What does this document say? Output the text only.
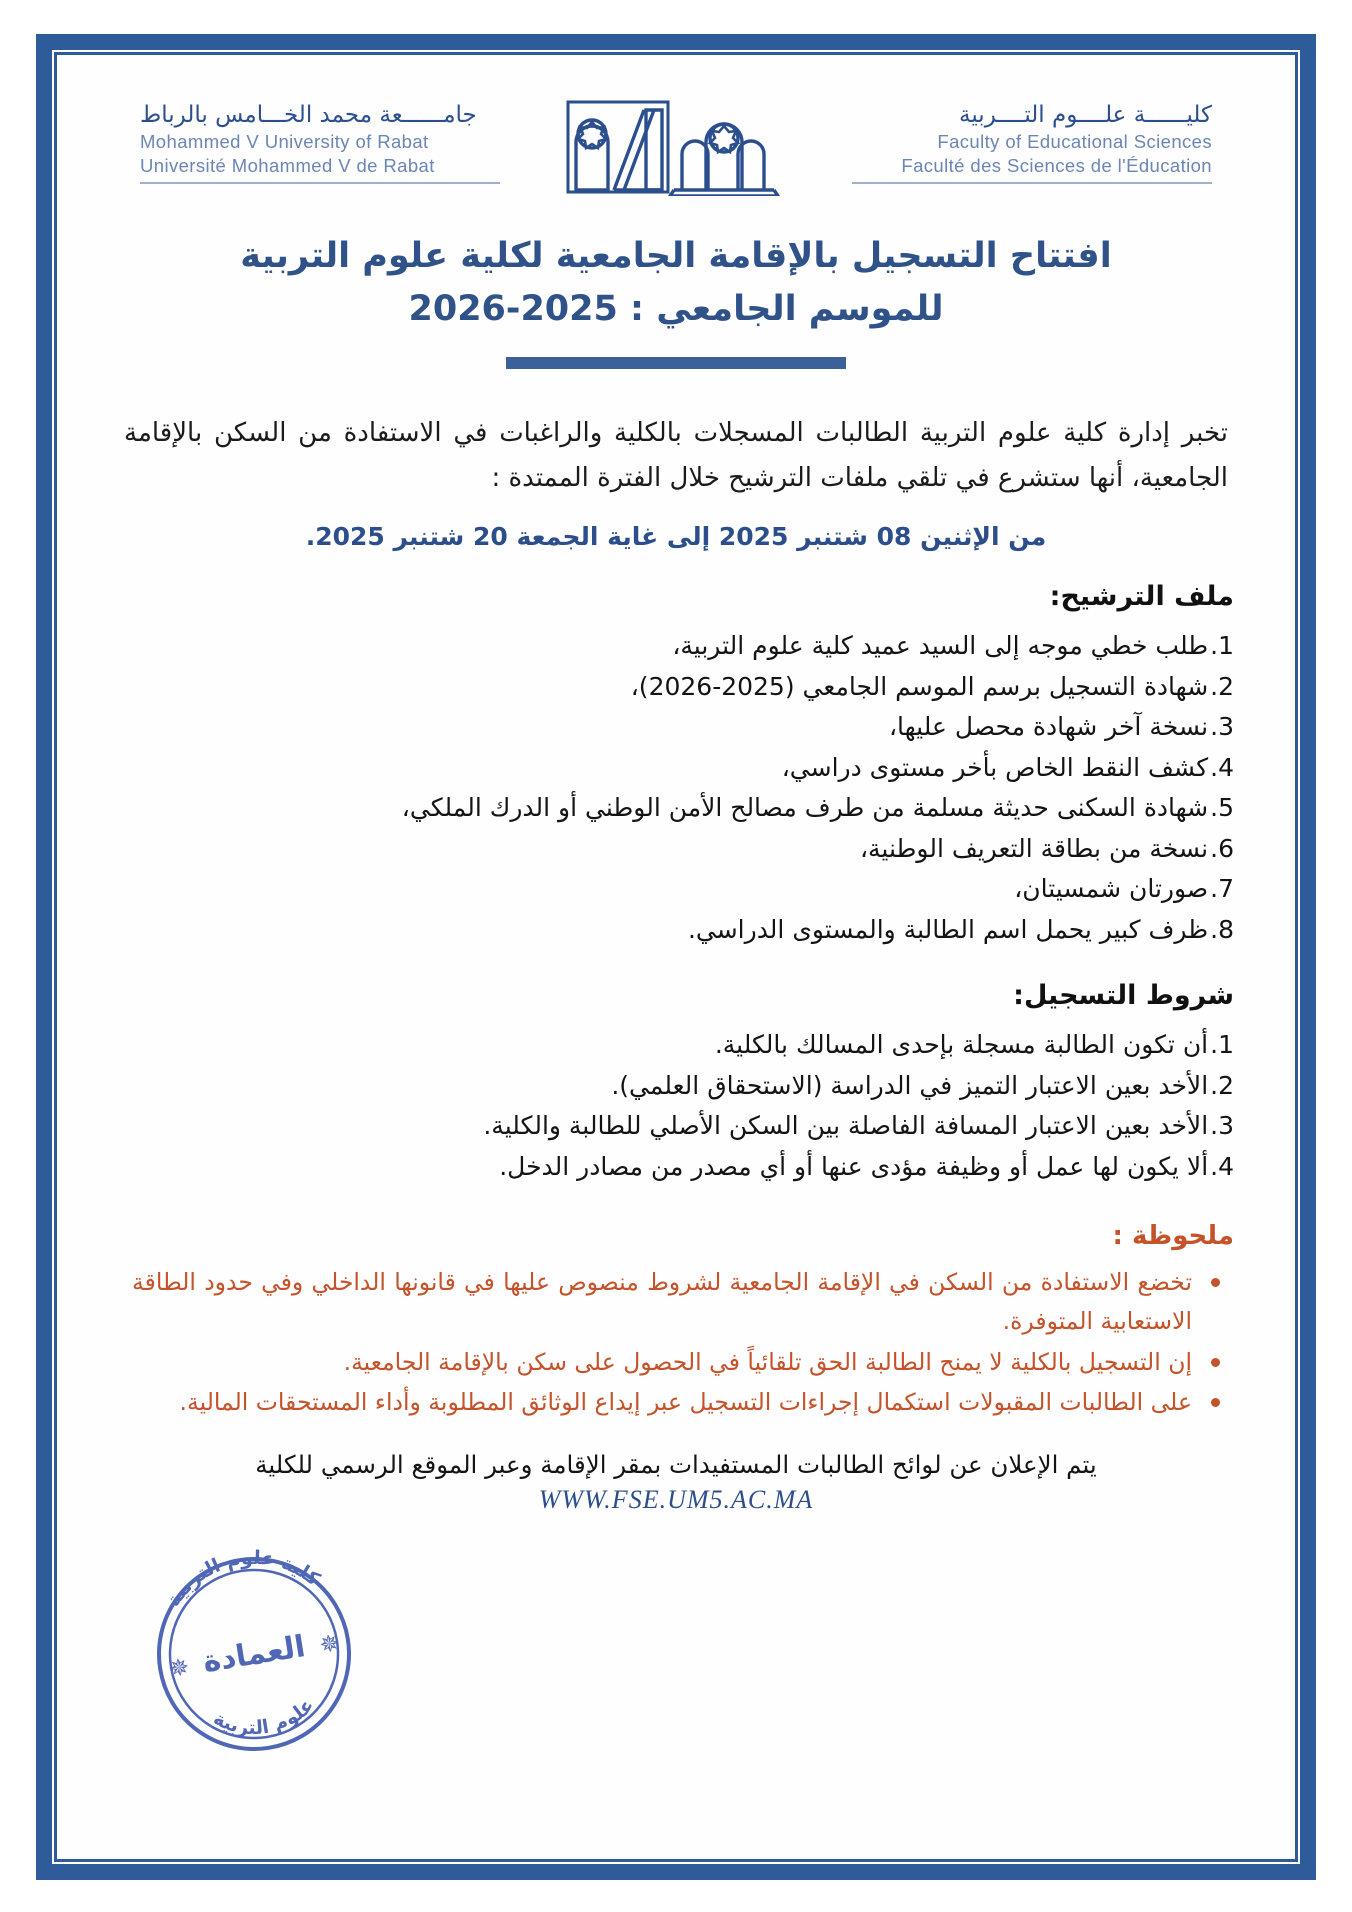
جامــــــعة محمد الخـــامس بالرباط
Mohammed V University of Rabat
Université Mohammed V de Rabat
كليــــــة علــــوم التــــربية
Faculty of Educational Sciences
Faculté des Sciences de l'Éducation
افتتاح التسجيل بالإقامة الجامعية لكلية علوم التربية
للموسم الجامعي : 2025-2026
تخبر إدارة كلية علوم التربية الطالبات المسجلات بالكلية والراغبات في الاستفادة من السكن بالإقامة الجامعية، أنها ستشرع في تلقي ملفات الترشيح خلال الفترة الممتدة :
من الإثنين 08 شتنبر 2025 إلى غاية الجمعة 20 شتنبر 2025.
ملف الترشيح:
1.طلب خطي موجه إلى السيد عميد كلية علوم التربية،
2.شهادة التسجيل برسم الموسم الجامعي (2025-2026)،
3.نسخة آخر شهادة محصل عليها،
4.كشف النقط الخاص بأخر مستوى دراسي،
5.شهادة السكنى حديثة مسلمة من طرف مصالح الأمن الوطني أو الدرك الملكي،
6.نسخة من بطاقة التعريف الوطنية،
7.صورتان شمسيتان،
8.ظرف كبير يحمل اسم الطالبة والمستوى الدراسي.
شروط التسجيل:
1.أن تكون الطالبة مسجلة بإحدى المسالك بالكلية.
2.الأخد بعين الاعتبار التميز في الدراسة (الاستحقاق العلمي).
3.الأخد بعين الاعتبار المسافة الفاصلة بين السكن الأصلي للطالبة والكلية.
4.ألا يكون لها عمل أو وظيفة مؤدى عنها أو أي مصدر من مصادر الدخل.
ملحوظة :
تخضع الاستفادة من السكن في الإقامة الجامعية لشروط منصوص عليها في قانونها الداخلي وفي حدود الطاقة الاستعابية المتوفرة.
إن التسجيل بالكلية لا يمنح الطالبة الحق تلقائياً في الحصول على سكن بالإقامة الجامعية.
على الطالبات المقبولات استكمال إجراءات التسجيل عبر إيداع الوثائق المطلوبة وأداء المستحقات المالية.
يتم الإعلان عن لوائح الطالبات المستفيدات بمقر الإقامة وعبر الموقع الرسمي للكلية
WWW.FSE.UM5.AC.MA
كلية علوم التربية
علوم التربية
العمادة
✵
✵
